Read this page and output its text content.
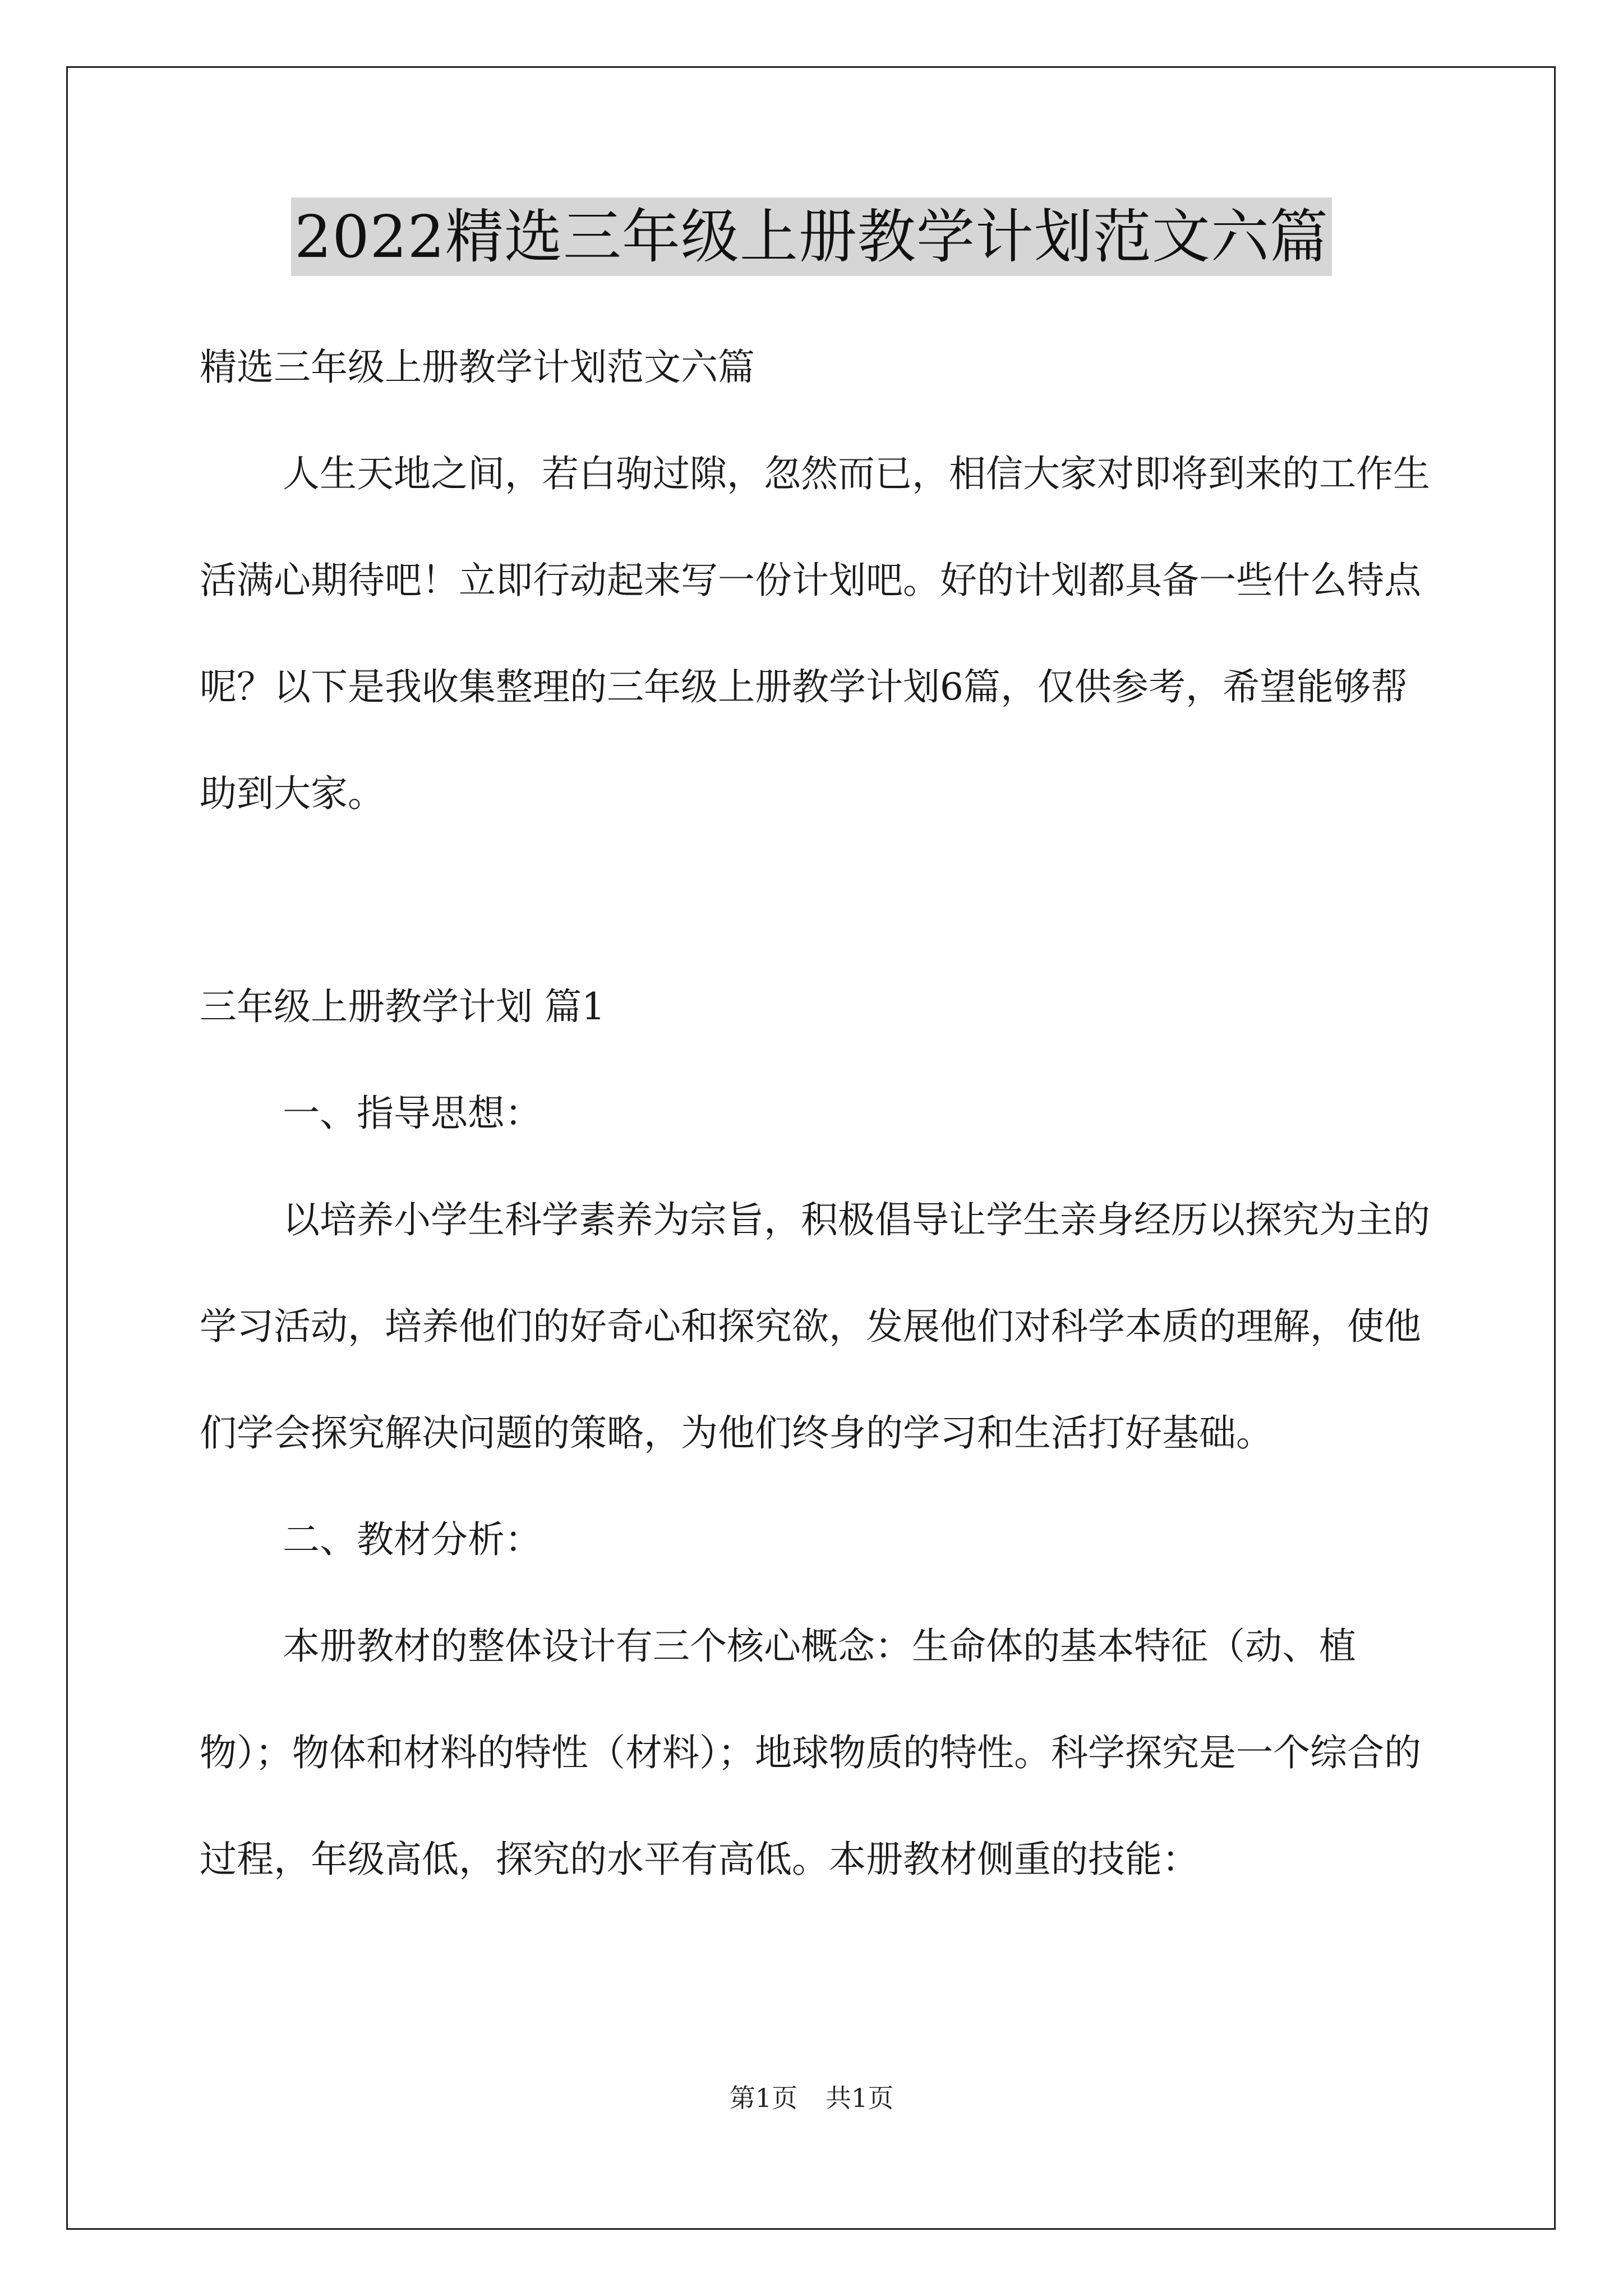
2022精选三年级上册教学计划范文六篇

精选三年级上册教学计划范文六篇

人生天地之间，若白驹过隙，忽然而已，相信大家对即将到来的工作生活满心期待吧！立即行动起来写一份计划吧。好的计划都具备一些什么特点呢？以下是我收集整理的三年级上册教学计划6篇，仅供参考，希望能够帮助到大家。

三年级上册教学计划 篇1

一、指导思想：

以培养小学生科学素养为宗旨，积极倡导让学生亲身经历以探究为主的学习活动，培养他们的好奇心和探究欲，发展他们对科学本质的理解，使他们学会探究解决问题的策略，为他们终身的学习和生活打好基础。

二、教材分析：

本册教材的整体设计有三个核心概念：生命体的基本特征（动、植物）；物体和材料的特性（材料）；地球物质的特性。科学探究是一个综合的过程，年级高低，探究的水平有高低。本册教材侧重的技能：

第1页 共1页
